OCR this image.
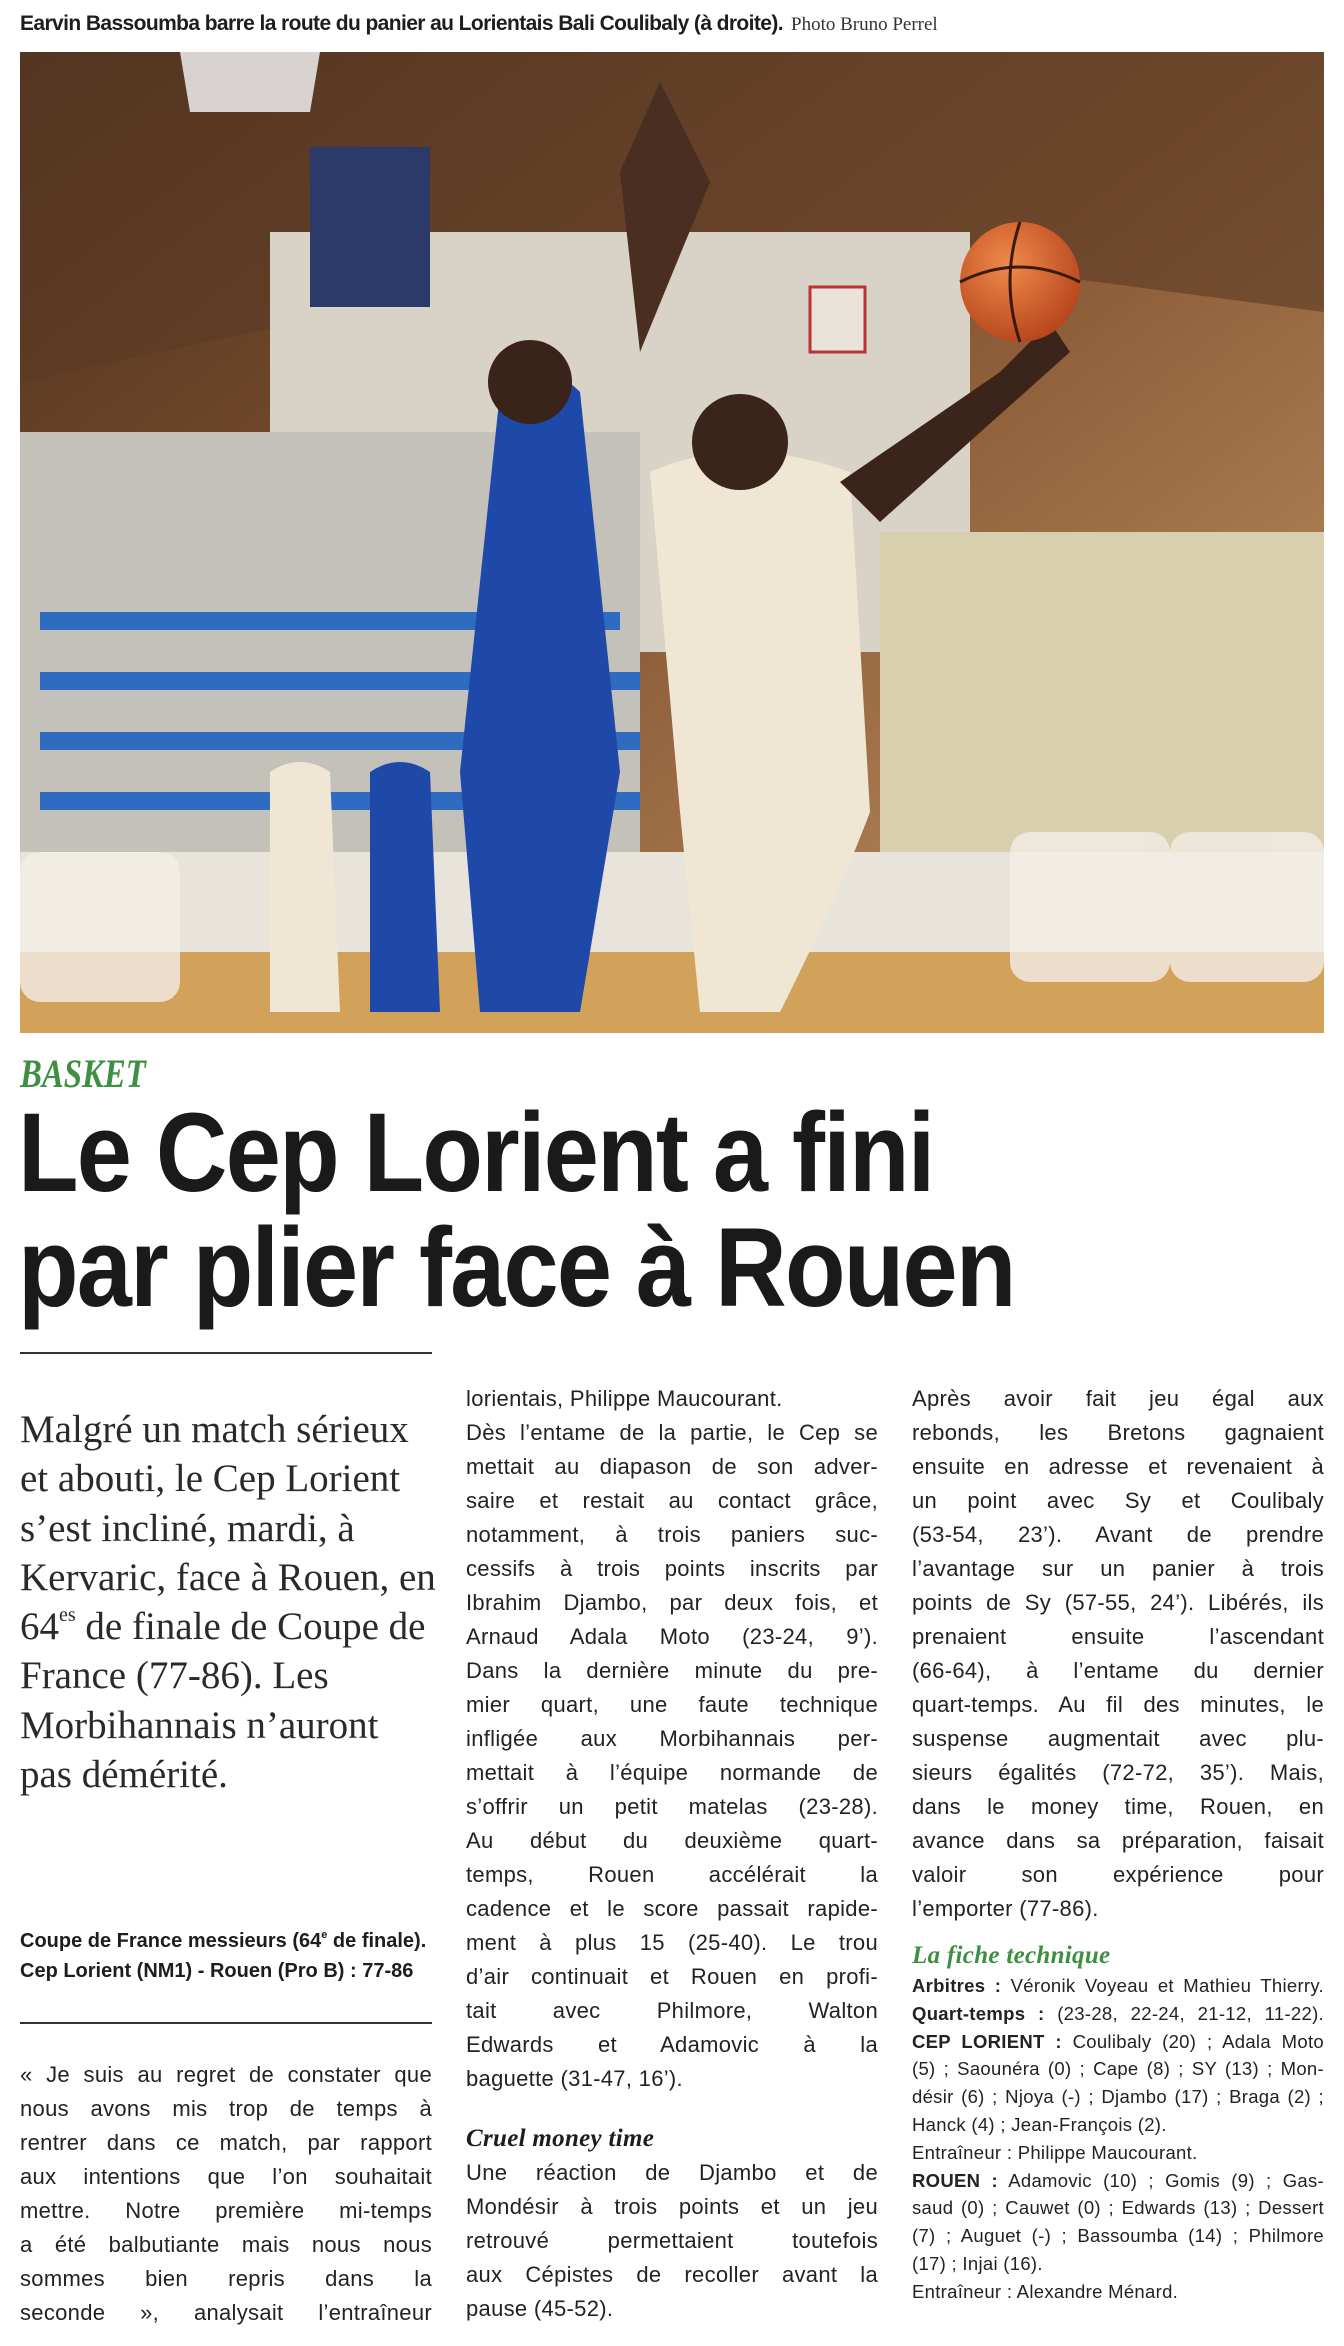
Earvin Bassoumba barre la route du panier au Lorientais Bali Coulibaly (à droite). Photo Bruno Perrel
BASKET
Le Cep Lorient a fini
par plier face à Rouen
Malgré un match sérieux et abouti, le Cep Lorient s’est incliné, mardi, à Kervaric, face à Rouen, en $64^{es}$ de finale de Coupe de France (77-86). Les Morbihannais n’auront pas démérité.
Coupe de France messieurs (64e de finale). Cep Lorient (NM1) - Rouen (Pro B) : 77-86
« Je suis au regret de constater que
nous avons mis trop de temps à
rentrer dans ce match, par rapport
aux intentions que l’on souhaitait
mettre. Notre première mi-temps
a été balbutiante mais nous nous
sommes bien repris dans la
seconde », analysait l’entraîneur
lorientais, Philippe Maucourant.
Dès l’entame de la partie, le Cep se
mettait au diapason de son adver-
saire et restait au contact grâce,
notamment, à trois paniers suc-
cessifs à trois points inscrits par
Ibrahim Djambo, par deux fois, et
Arnaud Adala Moto (23-24, 9’).
Dans la dernière minute du pre-
mier quart, une faute technique
infligée aux Morbihannais per-
mettait à l’équipe normande de
s’offrir un petit matelas (23-28).
Au début du deuxième quart-
temps, Rouen accélérait la
cadence et le score passait rapide-
ment à plus 15 (25-40). Le trou
d’air continuait et Rouen en profi-
tait avec Philmore, Walton
Edwards et Adamovic à la
baguette (31-47, 16’).
Cruel money time
Une réaction de Djambo et de
Mondésir à trois points et un jeu
retrouvé permettaient toutefois
aux Cépistes de recoller avant la
pause (45-52).
Après avoir fait jeu égal aux
rebonds, les Bretons gagnaient
ensuite en adresse et revenaient à
un point avec Sy et Coulibaly
(53-54, 23’). Avant de prendre
l’avantage sur un panier à trois
points de Sy (57-55, 24’). Libérés, ils
prenaient ensuite l’ascendant
(66-64), à l’entame du dernier
quart-temps. Au fil des minutes, le
suspense augmentait avec plu-
sieurs égalités (72-72, 35’). Mais,
dans le money time, Rouen, en
avance dans sa préparation, faisait
valoir son expérience pour
l’emporter (77-86).
La fiche technique
Arbitres : Véronik Voyeau et Mathieu Thierry.
Quart-temps : (23-28, 22-24, 21-12, 11-22).
CEP LORIENT : Coulibaly (20) ; Adala Moto
(5) ; Saounéra (0) ; Cape (8) ; SY (13) ; Mon-
désir (6) ; Njoya (-) ; Djambo (17) ; Braga (2) ;
Hanck (4) ; Jean-François (2).
Entraîneur : Philippe Maucourant.
ROUEN : Adamovic (10) ; Gomis (9) ; Gas-
saud (0) ; Cauwet (0) ; Edwards (13) ; Dessert
(7) ; Auguet (-) ; Bassoumba (14) ; Philmore
(17) ; Injai (16).
Entraîneur : Alexandre Ménard.
